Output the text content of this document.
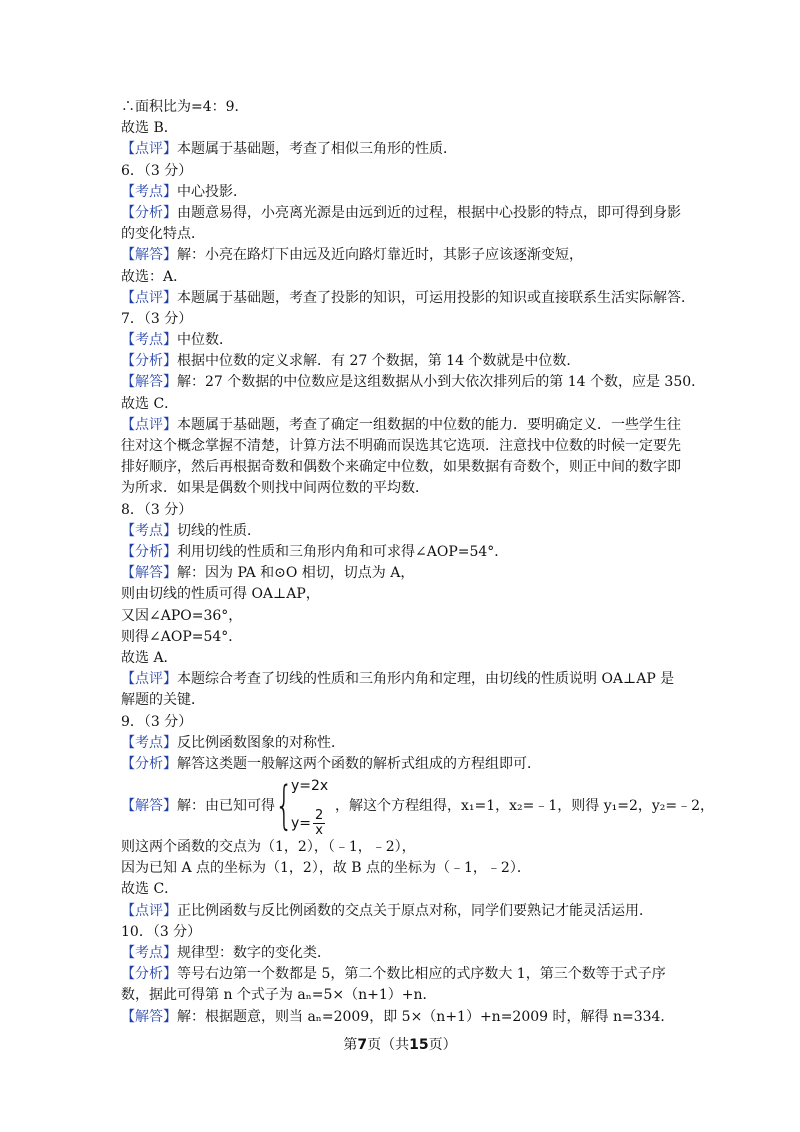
∴面积比为=4：9．
故选 B．
【点评】本题属于基础题，考查了相似三角形的性质．
6．（3 分）
【考点】中心投影．
【分析】由题意易得，小亮离光源是由远到近的过程，根据中心投影的特点，即可得到身影的变化特点．
【解答】解：小亮在路灯下由远及近向路灯靠近时，其影子应该逐渐变短，
故选：A．
【点评】本题属于基础题，考查了投影的知识，可运用投影的知识或直接联系生活实际解答．
7．（3 分）
【考点】中位数．
【分析】根据中位数的定义求解．有 27 个数据，第 14 个数就是中位数．
【解答】解：27 个数据的中位数应是这组数据从小到大依次排列后的第 14 个数，应是 350．
故选 C．
【点评】本题属于基础题，考查了确定一组数据的中位数的能力．要明确定义．一些学生往往对这个概念掌握不清楚，计算方法不明确而误选其它选项．注意找中位数的时候一定要先排好顺序，然后再根据奇数和偶数个来确定中位数，如果数据有奇数个，则正中间的数字即为所求．如果是偶数个则找中间两位数的平均数．
8．（3 分）
【考点】切线的性质．
【分析】利用切线的性质和三角形内角和可求得∠AOP=54°．
【解答】解：因为 PA 和⊙O 相切，切点为 A，
则由切线的性质可得 OA⊥AP，
又因∠APO=36°，
则得∠AOP=54°．
故选 A．
【点评】本题综合考查了切线的性质和三角形内角和定理，由切线的性质说明 OA⊥AP 是解题的关键．
9．（3 分）
【考点】反比例函数图象的对称性．
【分析】解答这类题一般解这两个函数的解析式组成的方程组即可．
【解答】解：由已知可得 {
y=2x
$y= \frac{2}{x}$
，解这个方程组得，x₁=1，x₂=﹣1，则得 y₁=2，y₂=﹣2，
则这两个函数的交点为（1，2），（﹣1，﹣2），
因为已知 A 点的坐标为（1，2），故 B 点的坐标为（﹣1，﹣2）．
故选 C．
【点评】正比例函数与反比例函数的交点关于原点对称，同学们要熟记才能灵活运用．
10．（3 分）
【考点】规律型：数字的变化类．
【分析】等号右边第一个数都是 5，第二个数比相应的式序数大 1，第三个数等于式子序数，据此可得第 n 个式子为 aₙ=5×（n+1）+n．
【解答】解：根据题意，则当 aₙ=2009，即 5×（n+1）+n=2009 时，解得 n=334．
第7页（共15页）
